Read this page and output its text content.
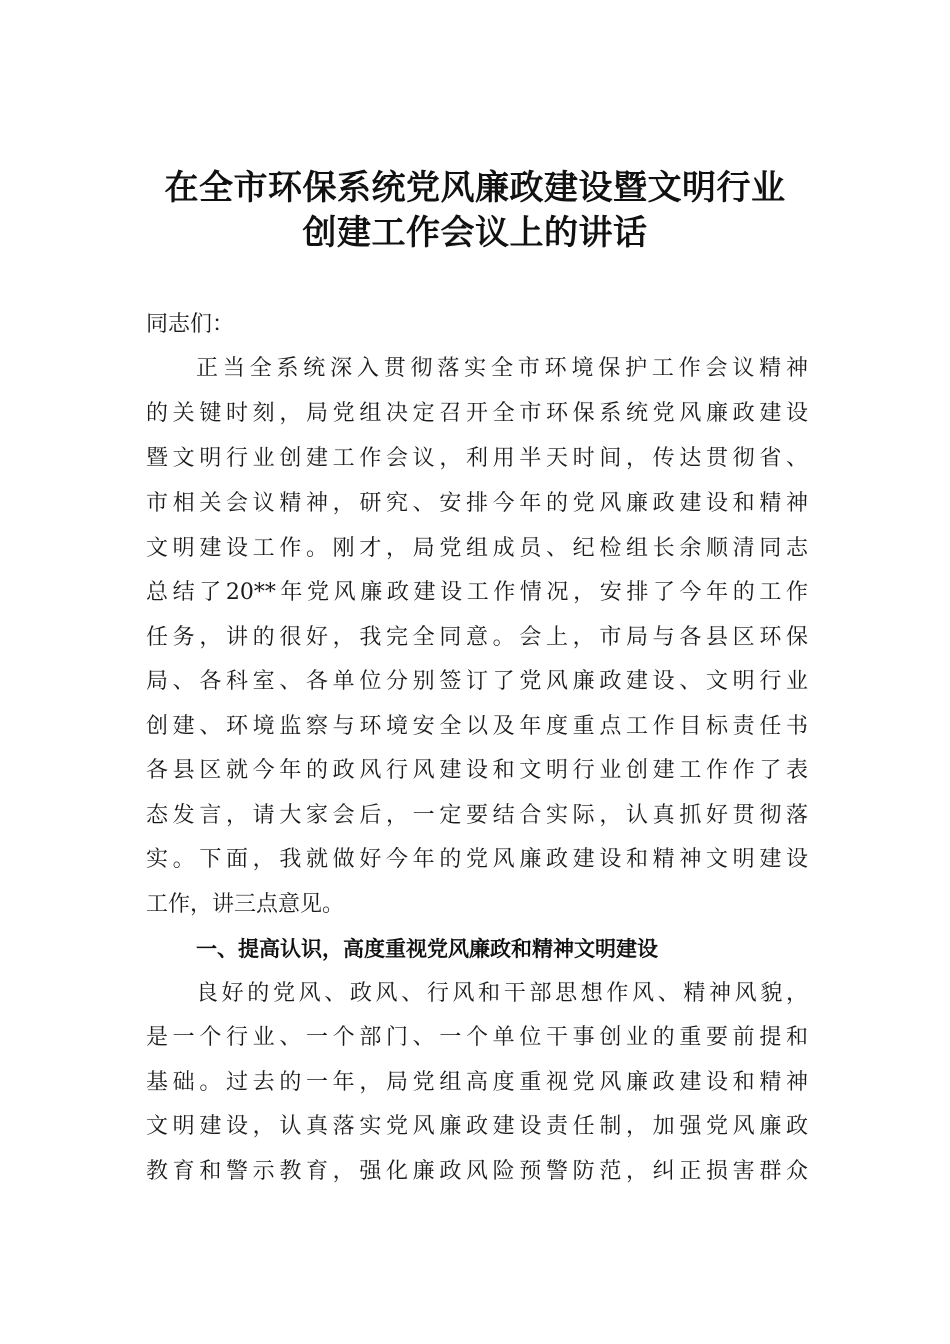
在全市环保系统党风廉政建设暨文明行业
创建工作会议上的讲话
同志们：
正当全系统深入贯彻落实全市环境保护工作会议精神
的关键时刻，局党组决定召开全市环保系统党风廉政建设
暨文明行业创建工作会议，利用半天时间，传达贯彻省、
市相关会议精神，研究、安排今年的党风廉政建设和精神
文明建设工作。刚才，局党组成员、纪检组长余顺清同志
总结了20**年党风廉政建设工作情况，安排了今年的工作
任务，讲的很好，我完全同意。会上，市局与各县区环保
局、各科室、各单位分别签订了党风廉政建设、文明行业
创建、环境监察与环境安全以及年度重点工作目标责任书
各县区就今年的政风行风建设和文明行业创建工作作了表
态发言，请大家会后，一定要结合实际，认真抓好贯彻落
实。下面，我就做好今年的党风廉政建设和精神文明建设
工作，讲三点意见。
一、提高认识，高度重视党风廉政和精神文明建设
良好的党风、政风、行风和干部思想作风、精神风貌，
是一个行业、一个部门、一个单位干事创业的重要前提和
基础。过去的一年，局党组高度重视党风廉政建设和精神
文明建设，认真落实党风廉政建设责任制，加强党风廉政
教育和警示教育，强化廉政风险预警防范，纠正损害群众
